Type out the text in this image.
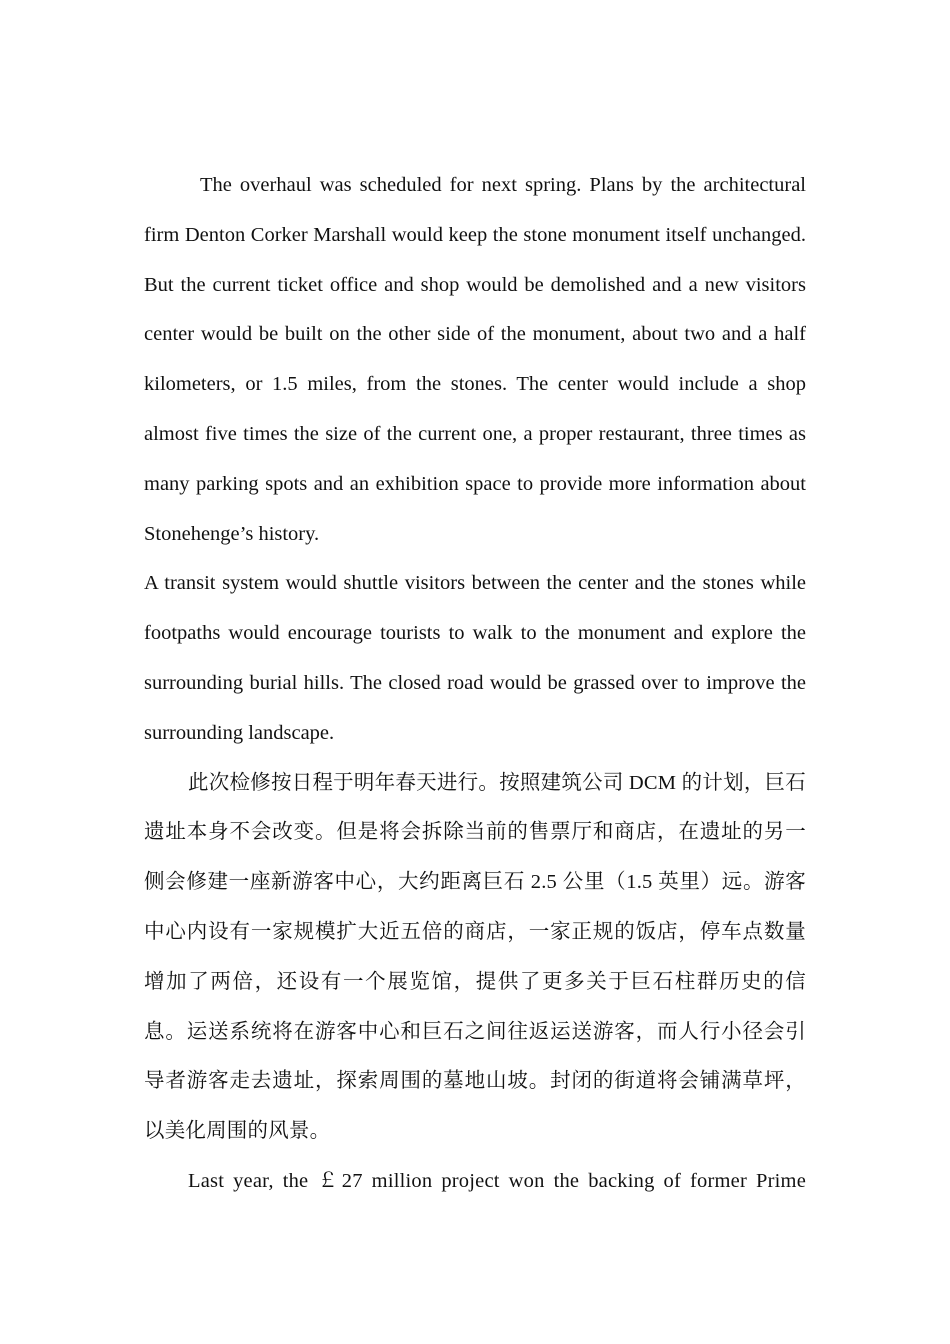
The overhaul was scheduled for next spring. Plans by the architectural firm Denton Corker Marshall would keep the stone monument itself unchanged. But the current ticket office and shop would be demolished and a new visitors center would be built on the other side of the monument, about two and a half kilometers, or 1.5 miles, from the stones. The center would include a shop almost five times the size of the current one, a proper restaurant, three times as many parking spots and an exhibition space to provide more information about Stonehenge’s history.

A transit system would shuttle visitors between the center and the stones while footpaths would encourage tourists to walk to the monument and explore the surrounding burial hills. The closed road would be grassed over to improve the surrounding landscape.

此次检修按日程于明年春天进行。按照建筑公司 DCM 的计划，巨石遗址本身不会改变。但是将会拆除当前的售票厅和商店，在遗址的另一侧会修建一座新游客中心，大约距离巨石 2.5 公里（1.5 英里）远。游客中心内设有一家规模扩大近五倍的商店，一家正规的饭店，停车点数量增加了两倍，还设有一个展览馆，提供了更多关于巨石柱群历史的信息。运送系统将在游客中心和巨石之间往返运送游客，而人行小径会引导者游客走去遗址，探索周围的墓地山坡。封闭的街道将会铺满草坪，以美化周围的风景。

Last year, the ￡27 million project won the backing of former Prime
